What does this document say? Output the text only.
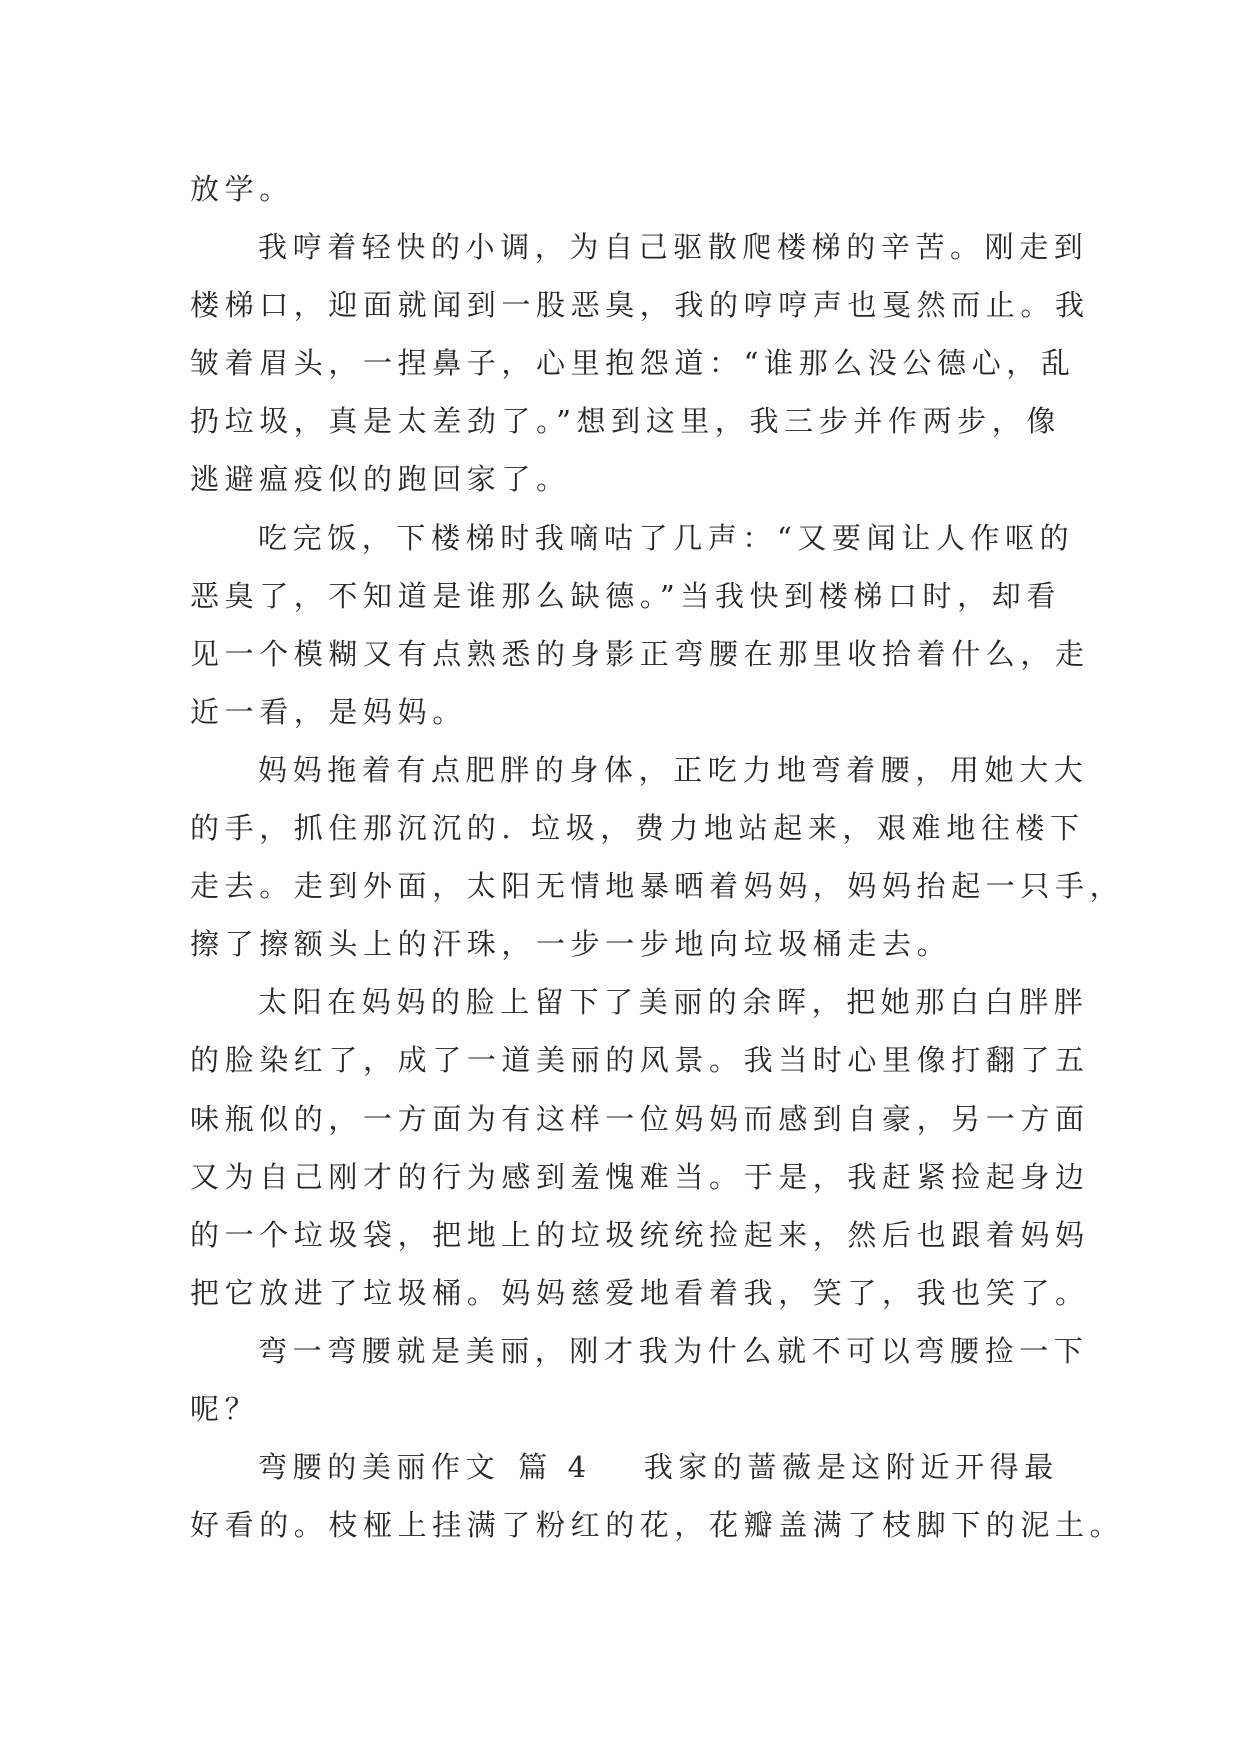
放学。
我哼着轻快的小调，为自己驱散爬楼梯的辛苦。刚走到
楼梯口，迎面就闻到一股恶臭，我的哼哼声也戛然而止。我
皱着眉头，一捏鼻子，心里抱怨道：“谁那么没公德心，乱
扔垃圾，真是太差劲了。”想到这里，我三步并作两步，像
逃避瘟疫似的跑回家了。
吃完饭，下楼梯时我嘀咕了几声：“又要闻让人作呕的
恶臭了，不知道是谁那么缺德。”当我快到楼梯口时，却看
见一个模糊又有点熟悉的身影正弯腰在那里收拾着什么，走
近一看，是妈妈。
妈妈拖着有点肥胖的身体，正吃力地弯着腰，用她大大
的手，抓住那沉沉的. 垃圾，费力地站起来，艰难地往楼下
走去。走到外面，太阳无情地暴晒着妈妈，妈妈抬起一只手，
擦了擦额头上的汗珠，一步一步地向垃圾桶走去。
太阳在妈妈的脸上留下了美丽的余晖，把她那白白胖胖
的脸染红了，成了一道美丽的风景。我当时心里像打翻了五
味瓶似的，一方面为有这样一位妈妈而感到自豪，另一方面
又为自己刚才的行为感到羞愧难当。于是，我赶紧捡起身边
的一个垃圾袋，把地上的垃圾统统捡起来，然后也跟着妈妈
把它放进了垃圾桶。妈妈慈爱地看着我，笑了，我也笑了。
弯一弯腰就是美丽，刚才我为什么就不可以弯腰捡一下
呢？
弯腰的美丽作文 篇 4 我家的蔷薇是这附近开得最
好看的。枝桠上挂满了粉红的花，花瓣盖满了枝脚下的泥土。
